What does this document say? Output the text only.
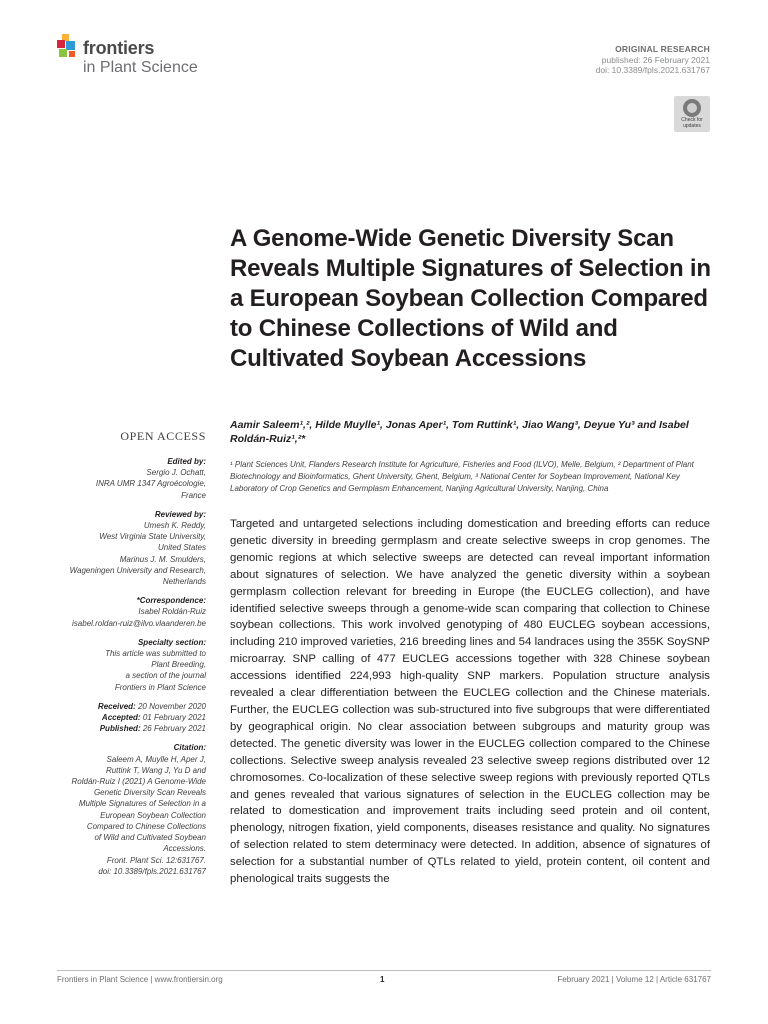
frontiers
in Plant Science
ORIGINAL RESEARCH
published: 26 February 2021
doi: 10.3389/fpls.2021.631767
Check for
updates
A Genome-Wide Genetic Diversity Scan Reveals Multiple Signatures of Selection in a European Soybean Collection Compared to Chinese Collections of Wild and Cultivated Soybean Accessions
Aamir Saleem¹,², Hilde Muylle¹, Jonas Aper¹, Tom Ruttink¹, Jiao Wang³, Deyue Yu³ and Isabel Roldán-Ruiz¹,²*
¹ Plant Sciences Unit, Flanders Research Institute for Agriculture, Fisheries and Food (ILVO), Melle, Belgium, ² Department of Plant Biotechnology and Bioinformatics, Ghent University, Ghent, Belgium, ³ National Center for Soybean Improvement, National Key Laboratory of Crop Genetics and Germplasm Enhancement, Nanjing Agricultural University, Nanjing, China
OPEN ACCESS
Edited by:
Sergio J. Ochatt,
INRA UMR 1347 Agroécologie,
France
Reviewed by:
Umesh K. Reddy,
West Virginia State University,
United States
Marinus J. M. Smulders,
Wageningen University and Research,
Netherlands
*Correspondence:
Isabel Roldán-Ruiz
isabel.roldan-ruiz@ilvo.vlaanderen.be
Specialty section:
This article was submitted to
Plant Breeding,
a section of the journal
Frontiers in Plant Science
Received: 20 November 2020
Accepted: 01 February 2021
Published: 26 February 2021
Citation:
Saleem A, Muylle H, Aper J,
Ruttink T, Wang J, Yu D and
Roldán-Ruiz I (2021) A Genome-Wide
Genetic Diversity Scan Reveals
Multiple Signatures of Selection in a
European Soybean Collection
Compared to Chinese Collections
of Wild and Cultivated Soybean
Accessions.
Front. Plant Sci. 12:631767.
doi: 10.3389/fpls.2021.631767
Targeted and untargeted selections including domestication and breeding efforts can reduce genetic diversity in breeding germplasm and create selective sweeps in crop genomes. The genomic regions at which selective sweeps are detected can reveal important information about signatures of selection. We have analyzed the genetic diversity within a soybean germplasm collection relevant for breeding in Europe (the EUCLEG collection), and have identified selective sweeps through a genome-wide scan comparing that collection to Chinese soybean collections. This work involved genotyping of 480 EUCLEG soybean accessions, including 210 improved varieties, 216 breeding lines and 54 landraces using the 355K SoySNP microarray. SNP calling of 477 EUCLEG accessions together with 328 Chinese soybean accessions identified 224,993 high-quality SNP markers. Population structure analysis revealed a clear differentiation between the EUCLEG collection and the Chinese materials. Further, the EUCLEG collection was sub-structured into five subgroups that were differentiated by geographical origin. No clear association between subgroups and maturity group was detected. The genetic diversity was lower in the EUCLEG collection compared to the Chinese collections. Selective sweep analysis revealed 23 selective sweep regions distributed over 12 chromosomes. Co-localization of these selective sweep regions with previously reported QTLs and genes revealed that various signatures of selection in the EUCLEG collection may be related to domestication and improvement traits including seed protein and oil content, phenology, nitrogen fixation, yield components, diseases resistance and quality. No signatures of selection related to stem determinacy were detected. In addition, absence of signatures of selection for a substantial number of QTLs related to yield, protein content, oil content and phenological traits suggests the
Frontiers in Plant Science | www.frontiersin.org	1	February 2021 | Volume 12 | Article 631767
